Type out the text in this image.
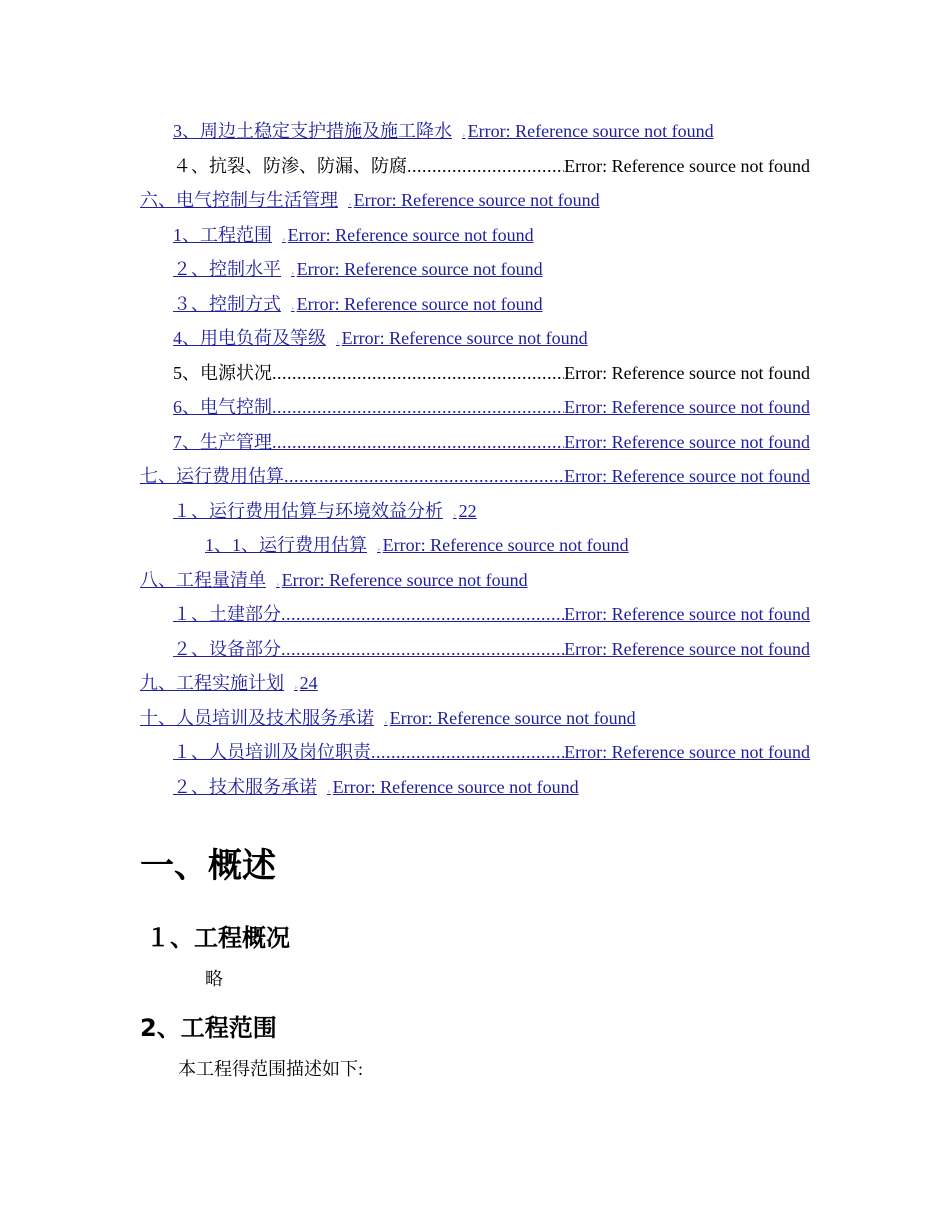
3、周边土稳定支护措施及施工降水 ˒ Error: Reference source not found
４、抗裂、防渗、防漏、防腐 .....	Error: Reference source not found
六、电气控制与生活管理 ˒ Error: Reference source not found
1、工程范围 ˒ Error: Reference source not found
２、控制水平 ˒ Error: Reference source not found
３、控制方式 ˒ Error: Reference source not found
4、用电负荷及等级 ˒ Error: Reference source not found
5、电源状况 .....	Error: Reference source not found
6、电气控制 .....	Error: Reference source not found
7、生产管理 .....	Error: Reference source not found
七、运行费用估算 .....	Error: Reference source not found
１、运行费用估算与环境效益分析 ˒ 22
1、1、运行费用估算 ˒ Error: Reference source not found
八、工程量清单 ˒ Error: Reference source not found
１、土建部分 .....	Error: Reference source not found
２、设备部分 .....	Error: Reference source not found
九、工程实施计划 ˒ 24
十、人员培训及技术服务承诺 ˒ Error: Reference source not found
１、人员培训及岗位职责 .....	Error: Reference source not found
２、技术服务承诺 ˒ Error: Reference source not found
一、概述
１、工程概况
略
2、工程范围
本工程得范围描述如下:
